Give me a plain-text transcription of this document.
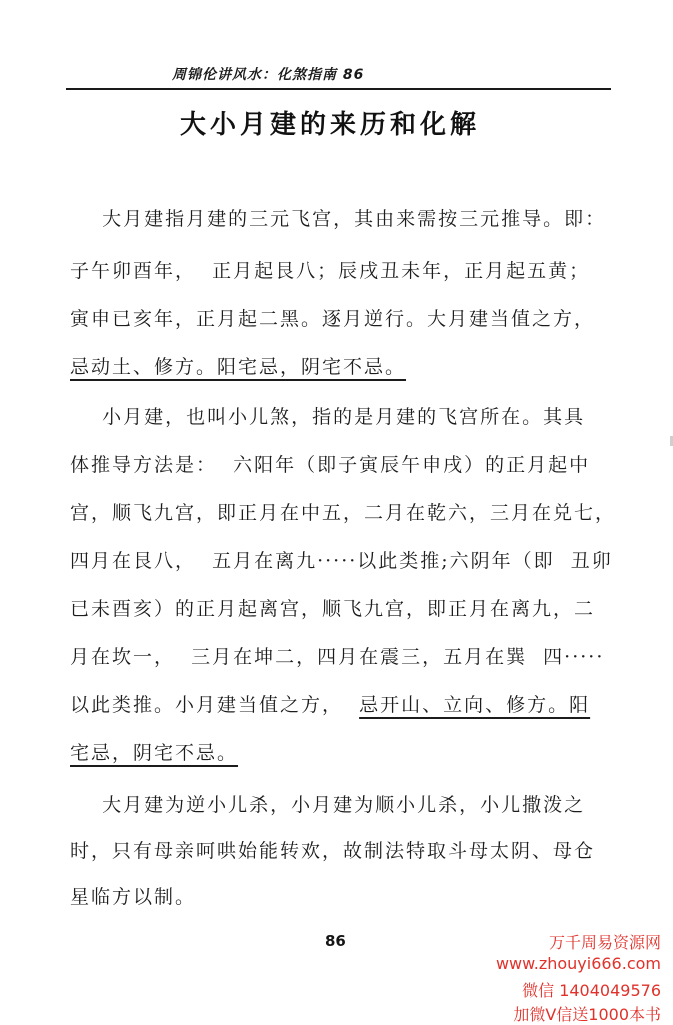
周锦伦讲风水：化煞指南 86
大小月建的来历和化解
大月建指月建的三元飞宫，其由来需按三元推导。即：
子午卯酉年，  正月起艮八；辰戌丑未年，正月起五黄；
寅申已亥年，正月起二黑。逐月逆行。大月建当值之方，
忌动土、修方。阳宅忌，阴宅不忌。
小月建，也叫小儿煞，指的是月建的飞宫所在。其具
体推导方法是：  六阳年（即子寅辰午申戌）的正月起中
宫，顺飞九宫，即正月在中五，二月在乾六，三月在兑七，
四月在艮八，  五月在离九·····以此类推;六阴年（即  丑卯
已未酉亥）的正月起离宫，顺飞九宫，即正月在离九，二
月在坎一，  三月在坤二，四月在震三，五月在巽  四·····
以此类推。小月建当值之方， 忌开山、立向、修方。阳
宅忌，阴宅不忌。
大月建为逆小儿杀，小月建为顺小儿杀，小儿撒泼之
时，只有母亲呵哄始能转欢，故制法特取斗母太阴、母仓
星临方以制。
86	万千周易资源网
www.zhouyi666.com
微信 1404049576
加微V信送1000本书
